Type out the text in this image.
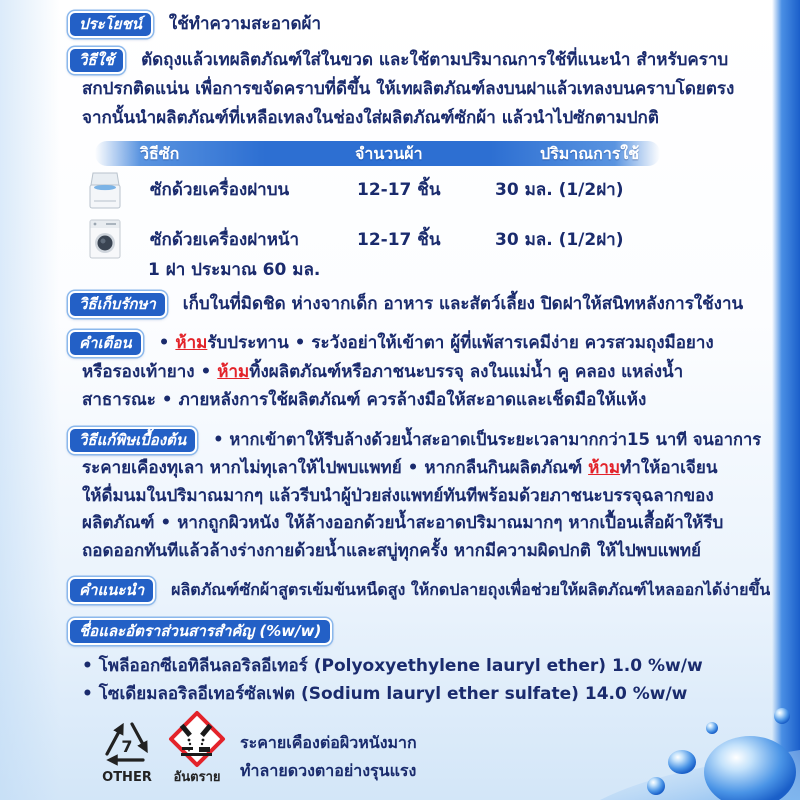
ประโยชน์	ใช้ทำความสะอาดผ้า
วิธีใช้	ตัดถุงแล้วเทผลิตภัณฑ์ใส่ในขวด และใช้ตามปริมาณการใช้ที่แนะนำ สำหรับคราบ
สกปรกติดแน่น เพื่อการขจัดคราบที่ดีขึ้น ให้เทผลิตภัณฑ์ลงบนฝาแล้วเทลงบนคราบโดยตรง
จากนั้นนำผลิตภัณฑ์ที่เหลือเทลงในช่องใส่ผลิตภัณฑ์ซักผ้า แล้วนำไปซักตามปกติ
วิธีซัก	จำนวนผ้า	ปริมาณการใช้
ซักด้วยเครื่องฝาบน	12-17 ชิ้น	30 มล. (1/2ฝา)
ซักด้วยเครื่องฝาหน้า	12-17 ชิ้น	30 มล. (1/2ฝา)
1 ฝา ประมาณ 60 มล.
วิธีเก็บรักษา	เก็บในที่มิดชิด ห่างจากเด็ก อาหาร และสัตว์เลี้ยง ปิดฝาให้สนิทหลังการใช้งาน
คำเตือน	• ห้ามรับประทาน • ระวังอย่าให้เข้าตา ผู้ที่แพ้สารเคมีง่าย ควรสวมถุงมือยาง
หรือรองเท้ายาง • ห้ามทิ้งผลิตภัณฑ์หรือภาชนะบรรจุ ลงในแม่น้ำ คู คลอง แหล่งน้ำ
สาธารณะ • ภายหลังการใช้ผลิตภัณฑ์ ควรล้างมือให้สะอาดและเช็ดมือให้แห้ง
วิธีแก้พิษเบื้องต้น	• หากเข้าตาให้รีบล้างด้วยน้ำสะอาดเป็นระยะเวลามากกว่า15 นาที จนอาการ
ระคายเคืองทุเลา หากไม่ทุเลาให้ไปพบแพทย์ • หากกลืนกินผลิตภัณฑ์ ห้ามทำให้อาเจียน
ให้ดื่มนมในปริมาณมากๆ แล้วรีบนำผู้ป่วยส่งแพทย์ทันทีพร้อมด้วยภาชนะบรรจุฉลากของ
ผลิตภัณฑ์ • หากถูกผิวหนัง ให้ล้างออกด้วยน้ำสะอาดปริมาณมากๆ หากเปื้อนเสื้อผ้าให้รีบ
ถอดออกทันทีแล้วล้างร่างกายด้วยน้ำและสบู่ทุกครั้ง หากมีความผิดปกติ ให้ไปพบแพทย์
คำแนะนำ	ผลิตภัณฑ์ซักผ้าสูตรเข้มข้นหนืดสูง ให้กดปลายถุงเพื่อช่วยให้ผลิตภัณฑ์ไหลออกได้ง่ายขึ้น
ชื่อและอัตราส่วนสารสำคัญ (%w/w)
• โพลีออกซีเอทิลีนลอริลอีเทอร์ (Polyoxyethylene lauryl ether) 1.0 %w/w
• โซเดียมลอริลอีเทอร์ซัลเฟต (Sodium lauryl ether sulfate) 14.0 %w/w
7
OTHER	อันตราย
ระคายเคืองต่อผิวหนังมาก
ทำลายดวงตาอย่างรุนแรง
